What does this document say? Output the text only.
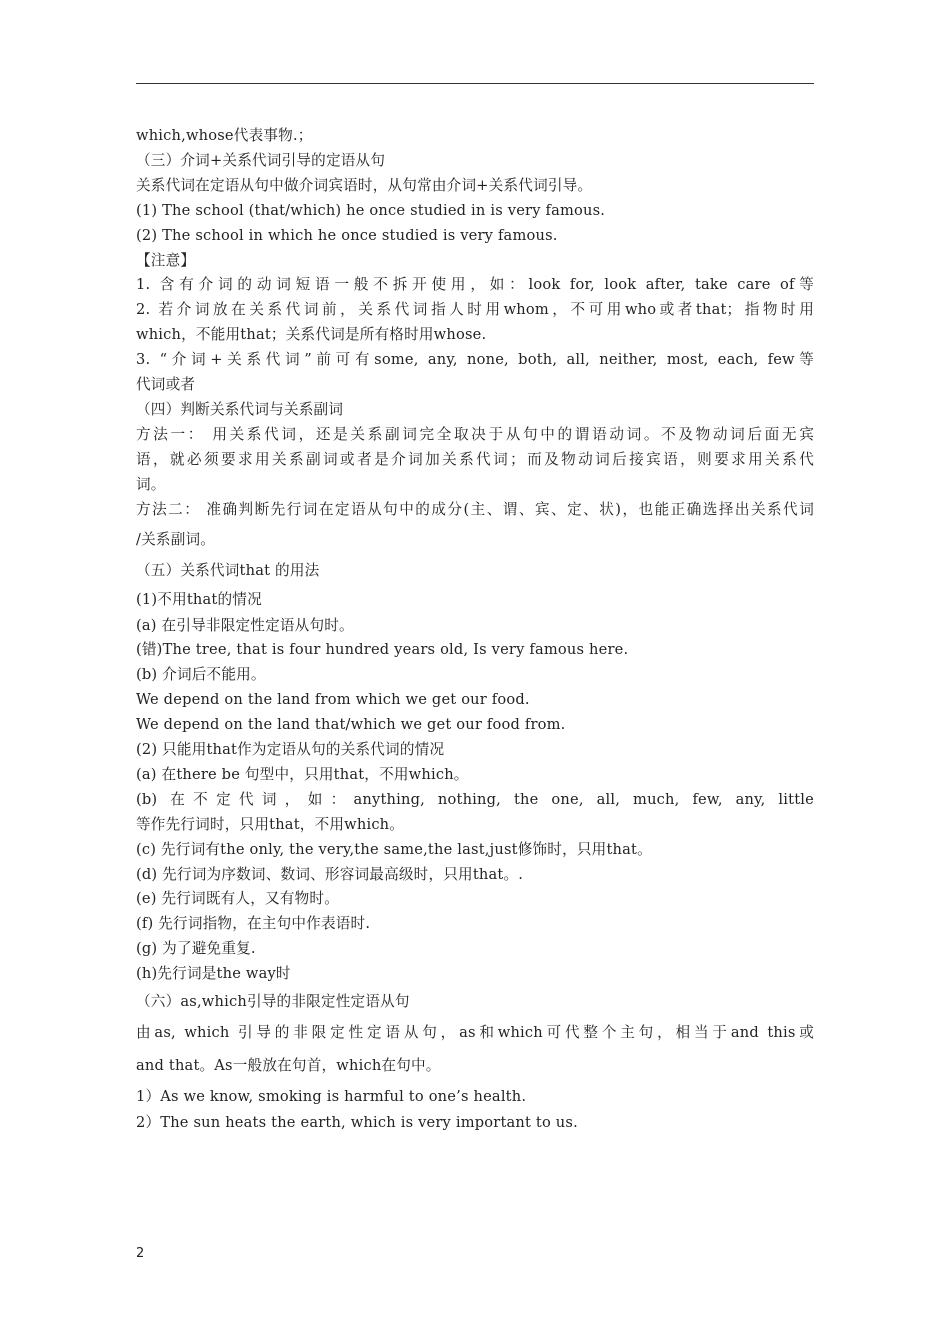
which,whose代表事物.；
（三）介词+关系代词引导的定语从句
关系代词在定语从句中做介词宾语时，从句常由介词+关系代词引导。
(1) The school (that/which) he once studied in is very famous.
(2) The school in which he once studied is very famous.
【注意】
1. 含有介词的动词短语一般不拆开使用，如：look for, look after, take care of等
2. 若介词放在关系代词前，关系代词指人时用whom，不可用who或者that；指物时用
which，不能用that；关系代词是所有格时用whose.
3. “介词+关系代词”前可有some, any, none, both, all, neither, most, each, few等
代词或者
（四）判断关系代词与关系副词
方法一： 用关系代词，还是关系副词完全取决于从句中的谓语动词。不及物动词后面无宾
语，就必须要求用关系副词或者是介词加关系代词；而及物动词后接宾语，则要求用关系代
词。
方法二： 准确判断先行词在定语从句中的成分(主、谓、宾、定、状)，也能正确选择出关系代词
/关系副词。
（五）关系代词that 的用法
(1)不用that的情况
(a) 在引导非限定性定语从句时。
(错)The tree, that is four hundred years old, Is very famous here.
(b) 介词后不能用。
We depend on the land from which we get our food.
We depend on the land that/which we get our food from.
(2) 只能用that作为定语从句的关系代词的情况
(a) 在there be 句型中，只用that，不用which。
(b) 在不定代词，如：anything, nothing, the one, all, much, few, any, little
等作先行词时，只用that，不用which。
(c) 先行词有the only, the very,the same,the last,just修饰时，只用that。
(d) 先行词为序数词、数词、形容词最高级时，只用that。.
(e) 先行词既有人，又有物时。
(f) 先行词指物，在主句中作表语时.
(g) 为了避免重复.
(h)先行词是the way时
（六）as,which引导的非限定性定语从句
由as, which 引导的非限定性定语从句，as和which可代整个主句，相当于and this或
and that。As一般放在句首，which在句中。
1）As we know, smoking is harmful to one’s health.
2）The sun heats the earth, which is very important to us.
2
